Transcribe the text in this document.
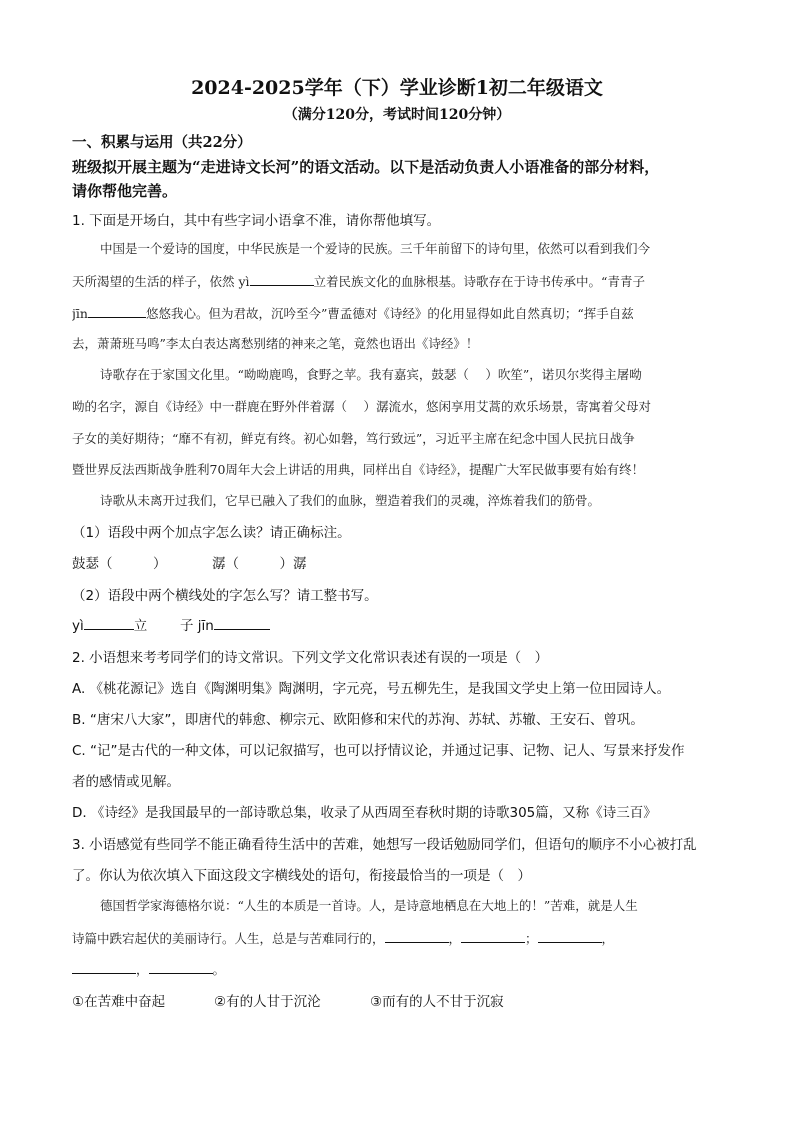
2024-2025学年（下）学业诊断1初二年级语文
（满分120分，考试时间120分钟）
一、积累与运用（共22分）
班级拟开展主题为“走进诗文长河”的语文活动。以下是活动负责人小语准备的部分材料，
请你帮他完善。
1. 下面是开场白，其中有些字词小语拿不准，请你帮他填写。
中国是一个爱诗的国度，中华民族是一个爱诗的民族。三千年前留下的诗句里，依然可以看到我们今
天所渴望的生活的样子，依然 yì	立着民族文化的血脉根基。诗歌存在于诗书传承中。“青青子
jīn	悠悠我心。但为君故，沉吟至今”曹孟德对《诗经》的化用显得如此自然真切；“挥手自兹
去，萧萧班马鸣”李太白表达离愁别绪的神来之笔，竟然也语出《诗经》！
诗歌存在于家国文化里。“呦呦鹿鸣，食野之苹。我有嘉宾，鼓瑟（　 ）吹笙”，诺贝尔奖得主屠呦
呦的名字，源自《诗经》中一群鹿在野外伴着潺（　 ）潺流水，悠闲享用艾蒿的欢乐场景，寄寓着父母对
子女的美好期待；“靡不有初，鲜克有终。初心如磐，笃行致远”，习近平主席在纪念中国人民抗日战争
暨世界反法西斯战争胜利70周年大会上讲话的用典，同样出自《诗经》，提醒广大军民做事要有始有终！
诗歌从未离开过我们，它早已融入了我们的血脉，塑造着我们的灵魂，淬炼着我们的筋骨。
（1）语段中两个加点字怎么读？请正确标注。
鼓瑟（　　　）	潺（　　　）潺
（2）语段中两个横线处的字怎么写？请工整书写。
yì	立 子 jīn
2. 小语想来考考同学们的诗文常识。下列文学文化常识表述有误的一项是（　）
A. 《桃花源记》选自《陶渊明集》陶渊明，字元亮，号五柳先生，是我国文学史上第一位田园诗人。
B. “唐宋八大家”，即唐代的韩愈、柳宗元、欧阳修和宋代的苏洵、苏轼、苏辙、王安石、曾巩。
C. “记”是古代的一种文体，可以记叙描写，也可以抒情议论，并通过记事、记物、记人、写景来抒发作
者的感情或见解。
D. 《诗经》是我国最早的一部诗歌总集，收录了从西周至春秋时期的诗歌305篇，又称《诗三百》
3. 小语感觉有些同学不能正确看待生活中的苦难，她想写一段话勉励同学们，但语句的顺序不小心被打乱
了。你认为依次填入下面这段文字横线处的语句，衔接最恰当的一项是（　）
德国哲学家海德格尔说：“人生的本质是一首诗。人，是诗意地栖息在大地上的！”苦难，就是人生
诗篇中跌宕起伏的美丽诗行。人生，总是与苦难同行的，	，	；	，
，	。
①在苦难中奋起	②有的人甘于沉沦	③而有的人不甘于沉寂
